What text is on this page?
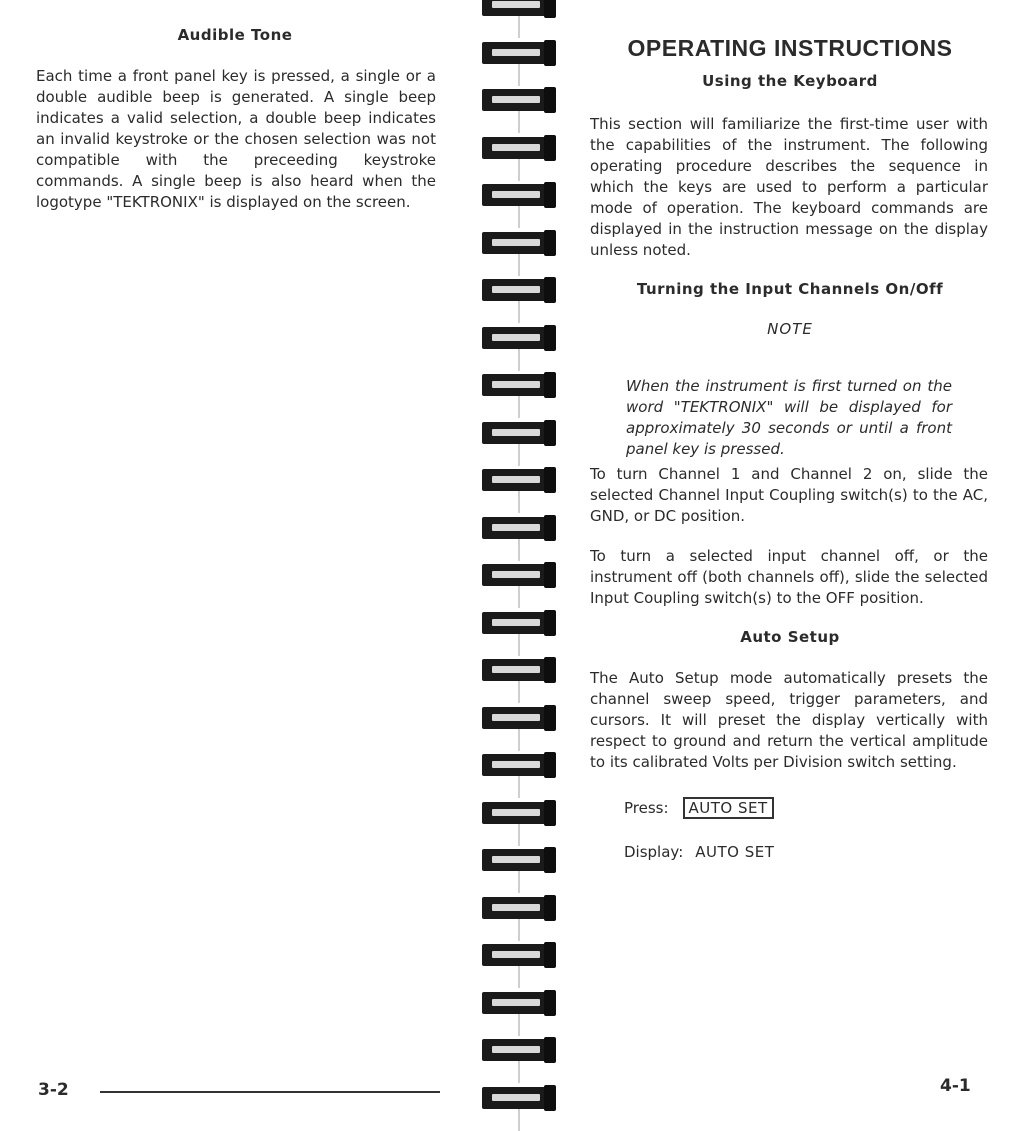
Audible Tone

Each time a front panel key is pressed, a single or a double audible beep is generated. A single beep indicates a valid selection, a double beep indicates an invalid keystroke or the chosen selection was not compatible with the preceeding keystroke commands. A single beep is also heard when the logotype "TEKTRONIX" is displayed on the screen.

3-2
OPERATING INSTRUCTIONS
Using the Keyboard

This section will familiarize the first-time user with the capabilities of the instrument. The following operating procedure describes the sequence in which the keys are used to perform a particular mode of operation. The keyboard commands are displayed in the instruction message on the display unless noted.

Turning the Input Channels On/Off
NOTE

When the instrument is first turned on the word "TEKTRONIX" will be displayed for approximately 30 seconds or until a front panel key is pressed.

To turn Channel 1 and Channel 2 on, slide the selected Channel Input Coupling switch(s) to the AC, GND, or DC position.

To turn a selected input channel off, or the instrument off (both channels off), slide the selected Input Coupling switch(s) to the OFF position.

Auto Setup

The Auto Setup mode automatically presets the channel sweep speed, trigger parameters, and cursors. It will preset the display vertically with respect to ground and return the vertical amplitude to its calibrated Volts per Division switch setting.

Press: AUTO SET
Display: AUTO SET
4-1
